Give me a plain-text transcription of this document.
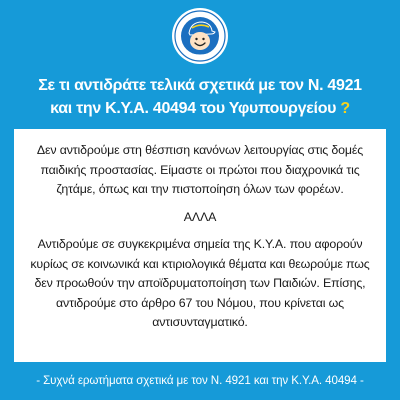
Σε τι αντιδράτε τελικά σχετικά με τον Ν. 4921
και την Κ.Υ.Α. 40494 του Υφυπουργείου ?

Δεν αντιδρούμε στη θέσπιση κανόνων λειτουργίας στις δομές παιδικής προστασίας. Είμαστε οι πρώτοι που διαχρονικά τις ζητάμε, όπως και την πιστοποίηση όλων των φορέων.

ΑΛΛΑ

Αντιδρούμε σε συγκεκριμένα σημεία της Κ.Υ.Α. που αφορούν κυρίως σε κοινωνικά και κτιριολογικά θέματα και θεωρούμε πως δεν προωθούν την αποϊδρυματοποίηση των Παιδιών. Επίσης, αντιδρούμε στο άρθρο 67 του Νόμου, που κρίνεται ως αντισυνταγματικό.

- Συχνά ερωτήματα σχετικά με τον Ν. 4921 και την Κ.Υ.Α. 40494 -
